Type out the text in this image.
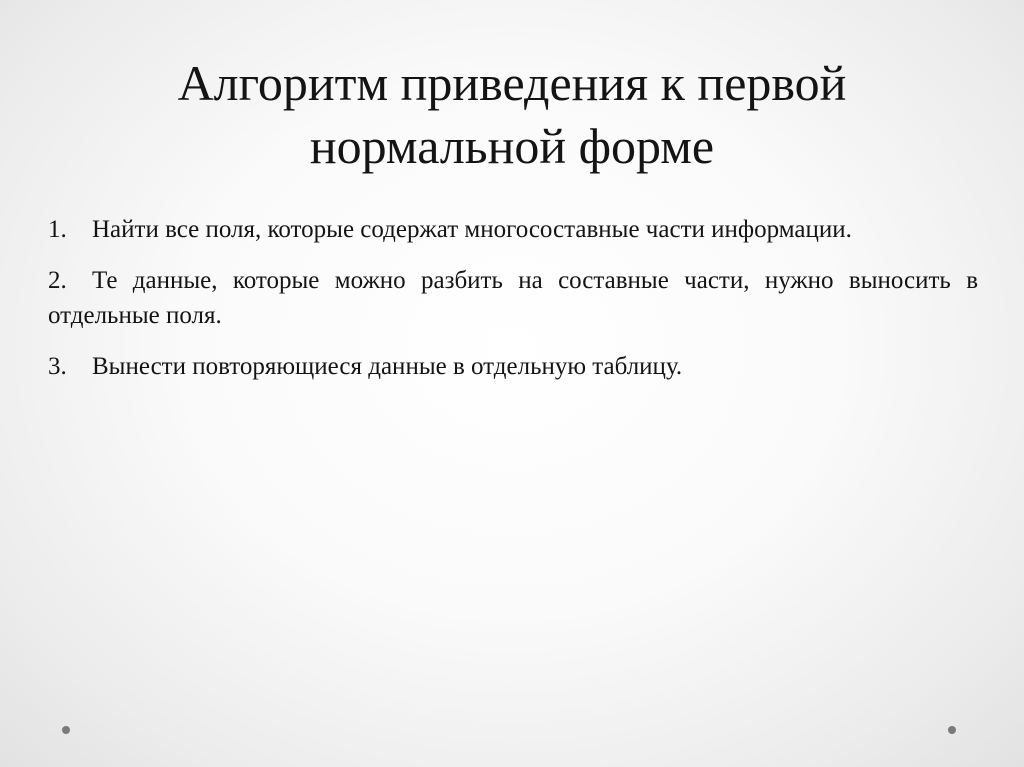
Алгоритм приведения к первой нормальной форме
1. Найти все поля, которые содержат многосоставные части информации.
2. Те данные, которые можно разбить на составные части, нужно выносить в отдельные поля.
3. Вынести повторяющиеся данные в отдельную таблицу.
